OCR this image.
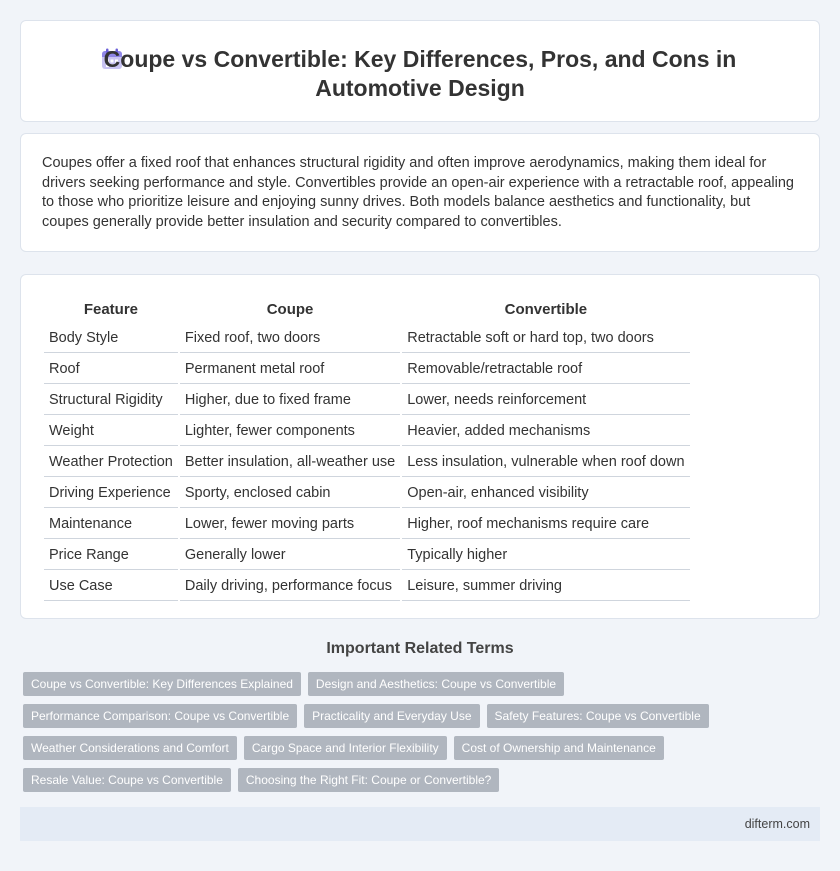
Coupe vs Convertible: Key Differences, Pros, and Cons in Automotive Design

Coupes offer a fixed roof that enhances structural rigidity and often improve aerodynamics, making them ideal for drivers seeking performance and style. Convertibles provide an open-air experience with a retractable roof, appealing to those who prioritize leisure and enjoying sunny drives. Both models balance aesthetics and functionality, but coupes generally provide better insulation and security compared to convertibles.

Feature	Coupe	Convertible
Body Style	Fixed roof, two doors	Retractable soft or hard top, two doors
Roof	Permanent metal roof	Removable/retractable roof
Structural Rigidity	Higher, due to fixed frame	Lower, needs reinforcement
Weight	Lighter, fewer components	Heavier, added mechanisms
Weather Protection	Better insulation, all-weather use	Less insulation, vulnerable when roof down
Driving Experience	Sporty, enclosed cabin	Open-air, enhanced visibility
Maintenance	Lower, fewer moving parts	Higher, roof mechanisms require care
Price Range	Generally lower	Typically higher
Use Case	Daily driving, performance focus	Leisure, summer driving
Important Related Terms
Coupe vs Convertible: Key Differences Explained	Design and Aesthetics: Coupe vs Convertible
Performance Comparison: Coupe vs Convertible	Practicality and Everyday Use	Safety Features: Coupe vs Convertible
Weather Considerations and Comfort	Cargo Space and Interior Flexibility	Cost of Ownership and Maintenance
Resale Value: Coupe vs Convertible	Choosing the Right Fit: Coupe or Convertible?
difterm.com
